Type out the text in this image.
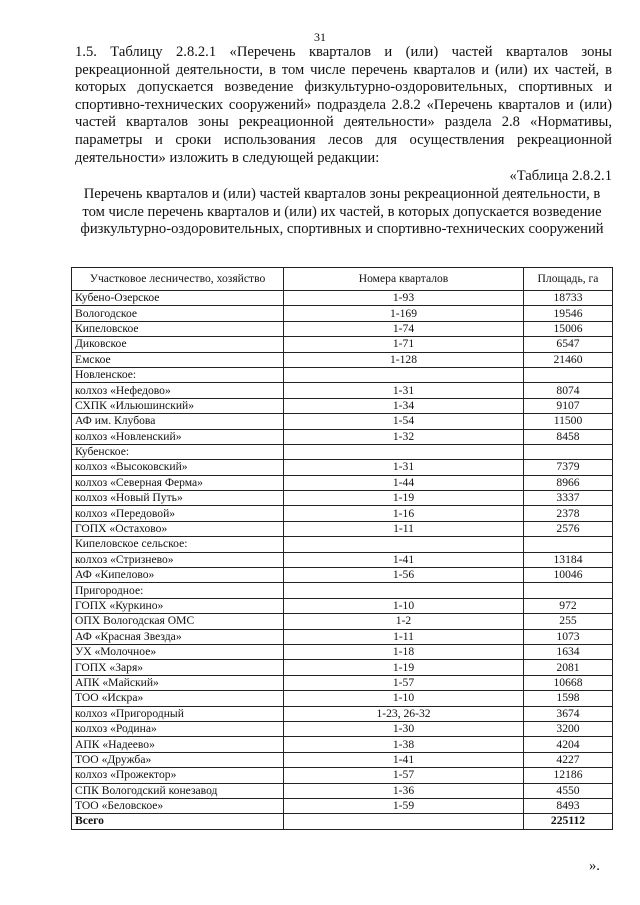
31
1.5. Таблицу 2.8.2.1 «Перечень кварталов и (или) частей кварталов зоны рекреационной деятельности, в том числе перечень кварталов и (или) их частей, в которых допускается возведение физкультурно-оздоровительных, спортивных и спортивно-технических сооружений» подраздела 2.8.2 «Перечень кварталов и (или) частей кварталов зоны рекреационной деятельности» раздела 2.8 «Нормативы, параметры и сроки использования лесов для осуществления рекреационной деятельности» изложить в следующей редакции:
«Таблица 2.8.2.1
Перечень кварталов и (или) частей кварталов зоны рекреационной деятельности, в том числе перечень кварталов и (или) их частей, в которых допускается возведение физкультурно-оздоровительных, спортивных и спортивно-технических сооружений
Участковое лесничество, хозяйство	Номера кварталов	Площадь, га
Кубено-Озерское	1-93	18733
Вологодское	1-169	19546
Кипеловское	1-74	15006
Диковское	1-71	6547
Емское	1-128	21460
Новленское:		
колхоз «Нефедово»	1-31	8074
СХПК «Ильюшинский»	1-34	9107
АФ им. Клубова	1-54	11500
колхоз «Новленский»	1-32	8458
Кубенское:		
колхоз «Высоковский»	1-31	7379
колхоз «Северная Ферма»	1-44	8966
колхоз «Новый Путь»	1-19	3337
колхоз «Передовой»	1-16	2378
ГОПХ «Остахово»	1-11	2576
Кипеловское сельское:		
колхоз «Стризнево»	1-41	13184
АФ «Кипелово»	1-56	10046
Пригородное:		
ГОПХ «Куркино»	1-10	972
ОПХ Вологодская ОМС	1-2	255
АФ «Красная Звезда»	1-11	1073
УХ «Молочное»	1-18	1634
ГОПХ «Заря»	1-19	2081
АПК «Майский»	1-57	10668
ТОО «Искра»	1-10	1598
колхоз «Пригородный	1-23, 26-32	3674
колхоз «Родина»	1-30	3200
АПК «Надеево»	1-38	4204
ТОО «Дружба»	1-41	4227
колхоз «Прожектор»	1-57	12186
СПК Вологодский конезавод	1-36	4550
ТОО «Беловское»	1-59	8493
Всего		225112
».
